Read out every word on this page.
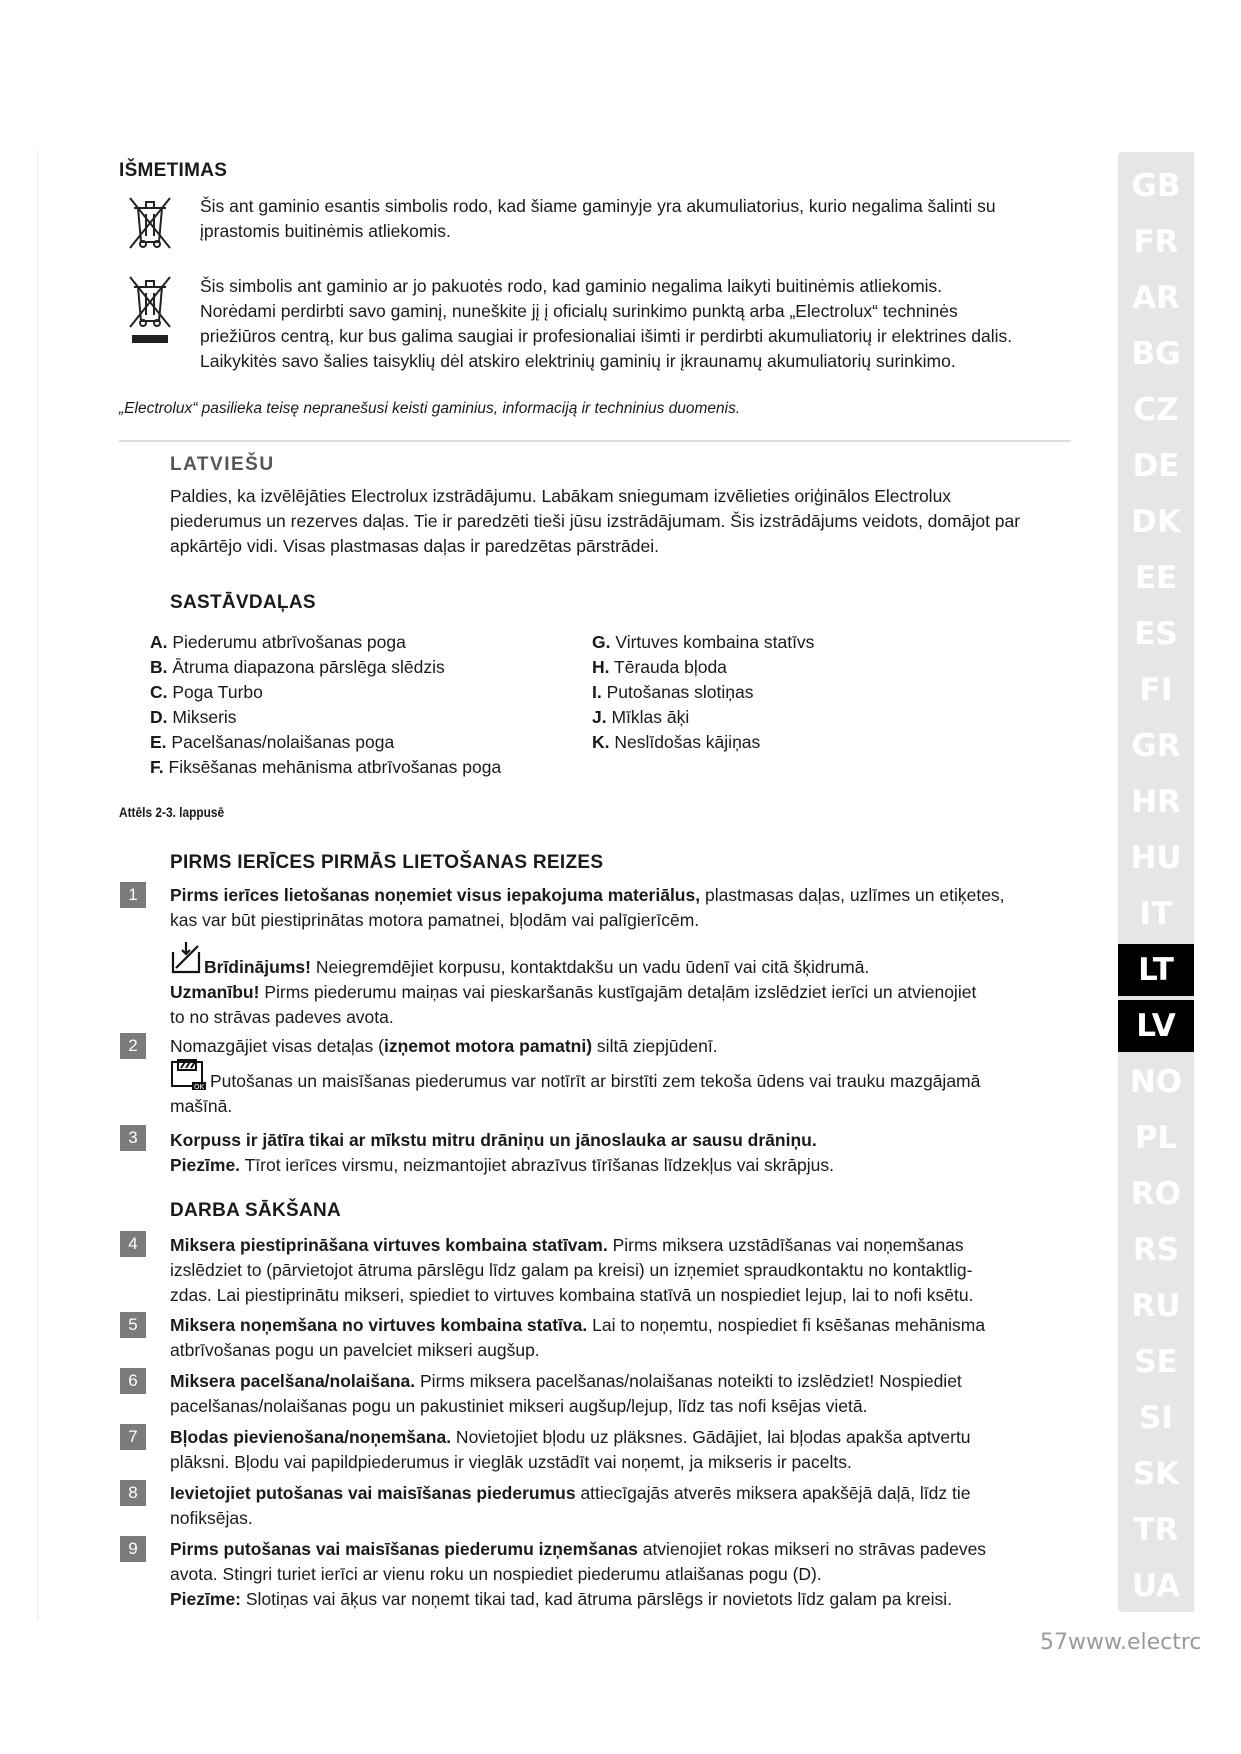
IŠMETIMAS
Šis ant gaminio esantis simbolis rodo, kad šiame gaminyje yra akumuliatorius, kurio negalima šalinti su įprastomis buitinėmis atliekomis.
Šis simbolis ant gaminio ar jo pakuotės rodo, kad gaminio negalima laikyti buitinėmis atliekomis.
Norėdami perdirbti savo gaminį, nuneškite jį į oficialų surinkimo punktą arba „Electrolux“ techninės
priežiūros centrą, kur bus galima saugiai ir profesionaliai išimti ir perdirbti akumuliatorių ir elektrines dalis.
Laikykitės savo šalies taisyklių dėl atskiro elektrinių gaminių ir įkraunamų akumuliatorių surinkimo.
„Electrolux“ pasilieka teisę nepranešusi keisti gaminius, informaciją ir techninius duomenis.
LATVIEŠU
Paldies, ka izvēlējāties Electrolux izstrādājumu. Labākam sniegumam izvēlieties oriģinālos Electrolux
piederumus un rezerves daļas. Tie ir paredzēti tieši jūsu izstrādājumam. Šis izstrādājums veidots, domājot par
apkārtējo vidi. Visas plastmasas daļas ir paredzētas pārstrādei.
SASTĀVDAĻAS
A. Piederumu atbrīvošanas poga
B. Ātruma diapazona pārslēga slēdzis
C. Poga Turbo
D. Mikseris
E. Pacelšanas/nolaišanas poga
F. Fiksēšanas mehānisma atbrīvošanas poga
G. Virtuves kombaina statīvs
H. Tērauda bļoda
I. Putošanas slotiņas
J. Mīklas āķi
K. Neslīdošas kājiņas
Attēls 2-3. lappusē
PIRMS IERĪCES PIRMĀS LIETOŠANAS REIZES
1	Pirms ierīces lietošanas noņemiet visus iepakojuma materiālus, plastmasas daļas, uzlīmes un etiķetes,
kas var būt piestiprinātas motora pamatnei, bļodām vai palīgierīcēm.
Brīdinājums! Neiegremdējiet korpusu, kontaktdakšu un vadu ūdenī vai citā šķidrumā.
Uzmanību! Pirms piederumu maiņas vai pieskaršanās kustīgajām detaļām izslēdziet ierīci un atvienojiet
to no strāvas padeves avota.
2	Nomazgājiet visas detaļas (izņemot motora pamatni) siltā ziepjūdenī.
OK Putošanas un maisīšanas piederumus var notīrīt ar birstīti zem tekoša ūdens vai trauku mazgājamā
mašīnā.
3	Korpuss ir jātīra tikai ar mīkstu mitru drāniņu un jānoslauka ar sausu drāniņu.
Piezīme. Tīrot ierīces virsmu, neizmantojiet abrazīvus tīrīšanas līdzekļus vai skrāpjus.
DARBA SĀKŠANA
4	Miksera piestiprināšana virtuves kombaina statīvam. Pirms miksera uzstādīšanas vai noņemšanas
izslēdziet to (pārvietojot ātruma pārslēgu līdz galam pa kreisi) un izņemiet spraudkontaktu no kontaktlig-
zdas. Lai piestiprinātu mikseri, spiediet to virtuves kombaina statīvā un nospiediet lejup, lai to nofi ksētu.
5	Miksera noņemšana no virtuves kombaina statīva. Lai to noņemtu, nospiediet fi ksēšanas mehānisma
atbrīvošanas pogu un pavelciet mikseri augšup.
6	Miksera pacelšana/nolaišana. Pirms miksera pacelšanas/nolaišanas noteikti to izslēdziet! Nospiediet
pacelšanas/nolaišanas pogu un pakustiniet mikseri augšup/lejup, līdz tas nofi ksējas vietā.
7	Bļodas pievienošana/noņemšana. Novietojiet bļodu uz pläksnes. Gādājiet, lai bļodas apakša aptvertu
plāksni. Bļodu vai papildpiederumus ir vieglāk uzstādīt vai noņemt, ja mikseris ir pacelts.
8	Ievietojiet putošanas vai maisīšanas piederumus attiecīgajās atverēs miksera apakšējā daļā, līdz tie
nofiksējas.
9	Pirms putošanas vai maisīšanas piederumu izņemšanas atvienojiet rokas mikseri no strāvas padeves
avota. Stingri turiet ierīci ar vienu roku un nospiediet piederumu atlaišanas pogu (D).
Piezīme: Slotiņas vai āķus var noņemt tikai tad, kad ātruma pārslēgs ir novietots līdz galam pa kreisi.
GB
FR
AR
BG
CZ
DE
DK
EE
ES
FI
GR
HR
HU
IT
LT
LV
NO
PL
RO
RS
RU
SE
SI
SK
TR
UA
57www.electrc
